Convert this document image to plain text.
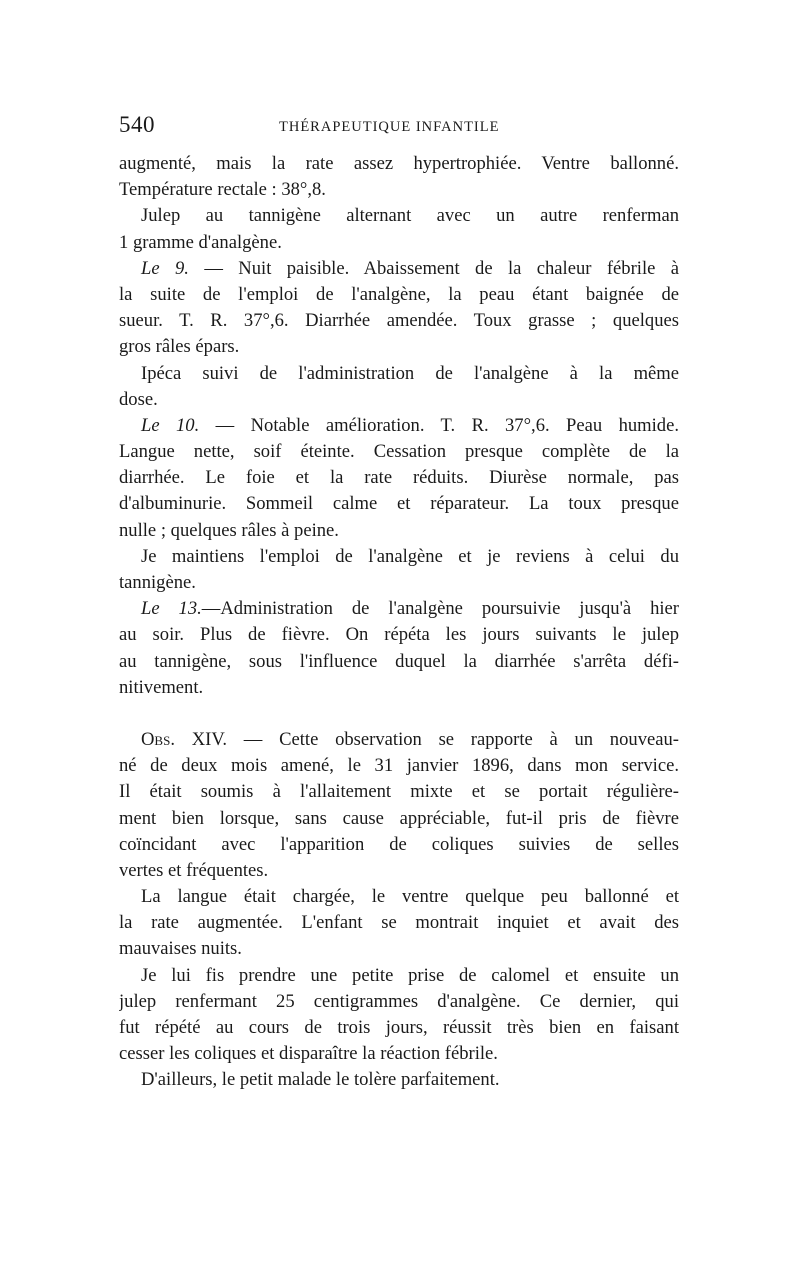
540	THÉRAPEUTIQUE INFANTILE
augmenté, mais la rate assez hypertrophiée. Ventre ballonné.
Température rectale : 38°,8.
Julep au tannigène alternant avec un autre renferman
1 gramme d'analgène.
Le 9. — Nuit paisible. Abaissement de la chaleur fébrile à
la suite de l'emploi de l'analgène, la peau étant baignée de
sueur. T. R. 37°,6. Diarrhée amendée. Toux grasse ; quelques
gros râles épars.
Ipéca suivi de l'administration de l'analgène à la même
dose.
Le 10. — Notable amélioration. T. R. 37°,6. Peau humide.
Langue nette, soif éteinte. Cessation presque complète de la
diarrhée. Le foie et la rate réduits. Diurèse normale, pas
d'albuminurie. Sommeil calme et réparateur. La toux presque
nulle ; quelques râles à peine.
Je maintiens l'emploi de l'analgène et je reviens à celui du
tannigène.
Le 13.—Administration de l'analgène poursuivie jusqu'à hier
au soir. Plus de fièvre. On répéta les jours suivants le julep
au tannigène, sous l'influence duquel la diarrhée s'arrêta défi-
nitivement.
Obs. XIV. — Cette observation se rapporte à un nouveau-
né de deux mois amené, le 31 janvier 1896, dans mon service.
Il était soumis à l'allaitement mixte et se portait régulière-
ment bien lorsque, sans cause appréciable, fut-il pris de fièvre
coïncidant avec l'apparition de coliques suivies de selles
vertes et fréquentes.
La langue était chargée, le ventre quelque peu ballonné et
la rate augmentée. L'enfant se montrait inquiet et avait des
mauvaises nuits.
Je lui fis prendre une petite prise de calomel et ensuite un
julep renfermant 25 centigrammes d'analgène. Ce dernier, qui
fut répété au cours de trois jours, réussit très bien en faisant
cesser les coliques et disparaître la réaction fébrile.
D'ailleurs, le petit malade le tolère parfaitement.
